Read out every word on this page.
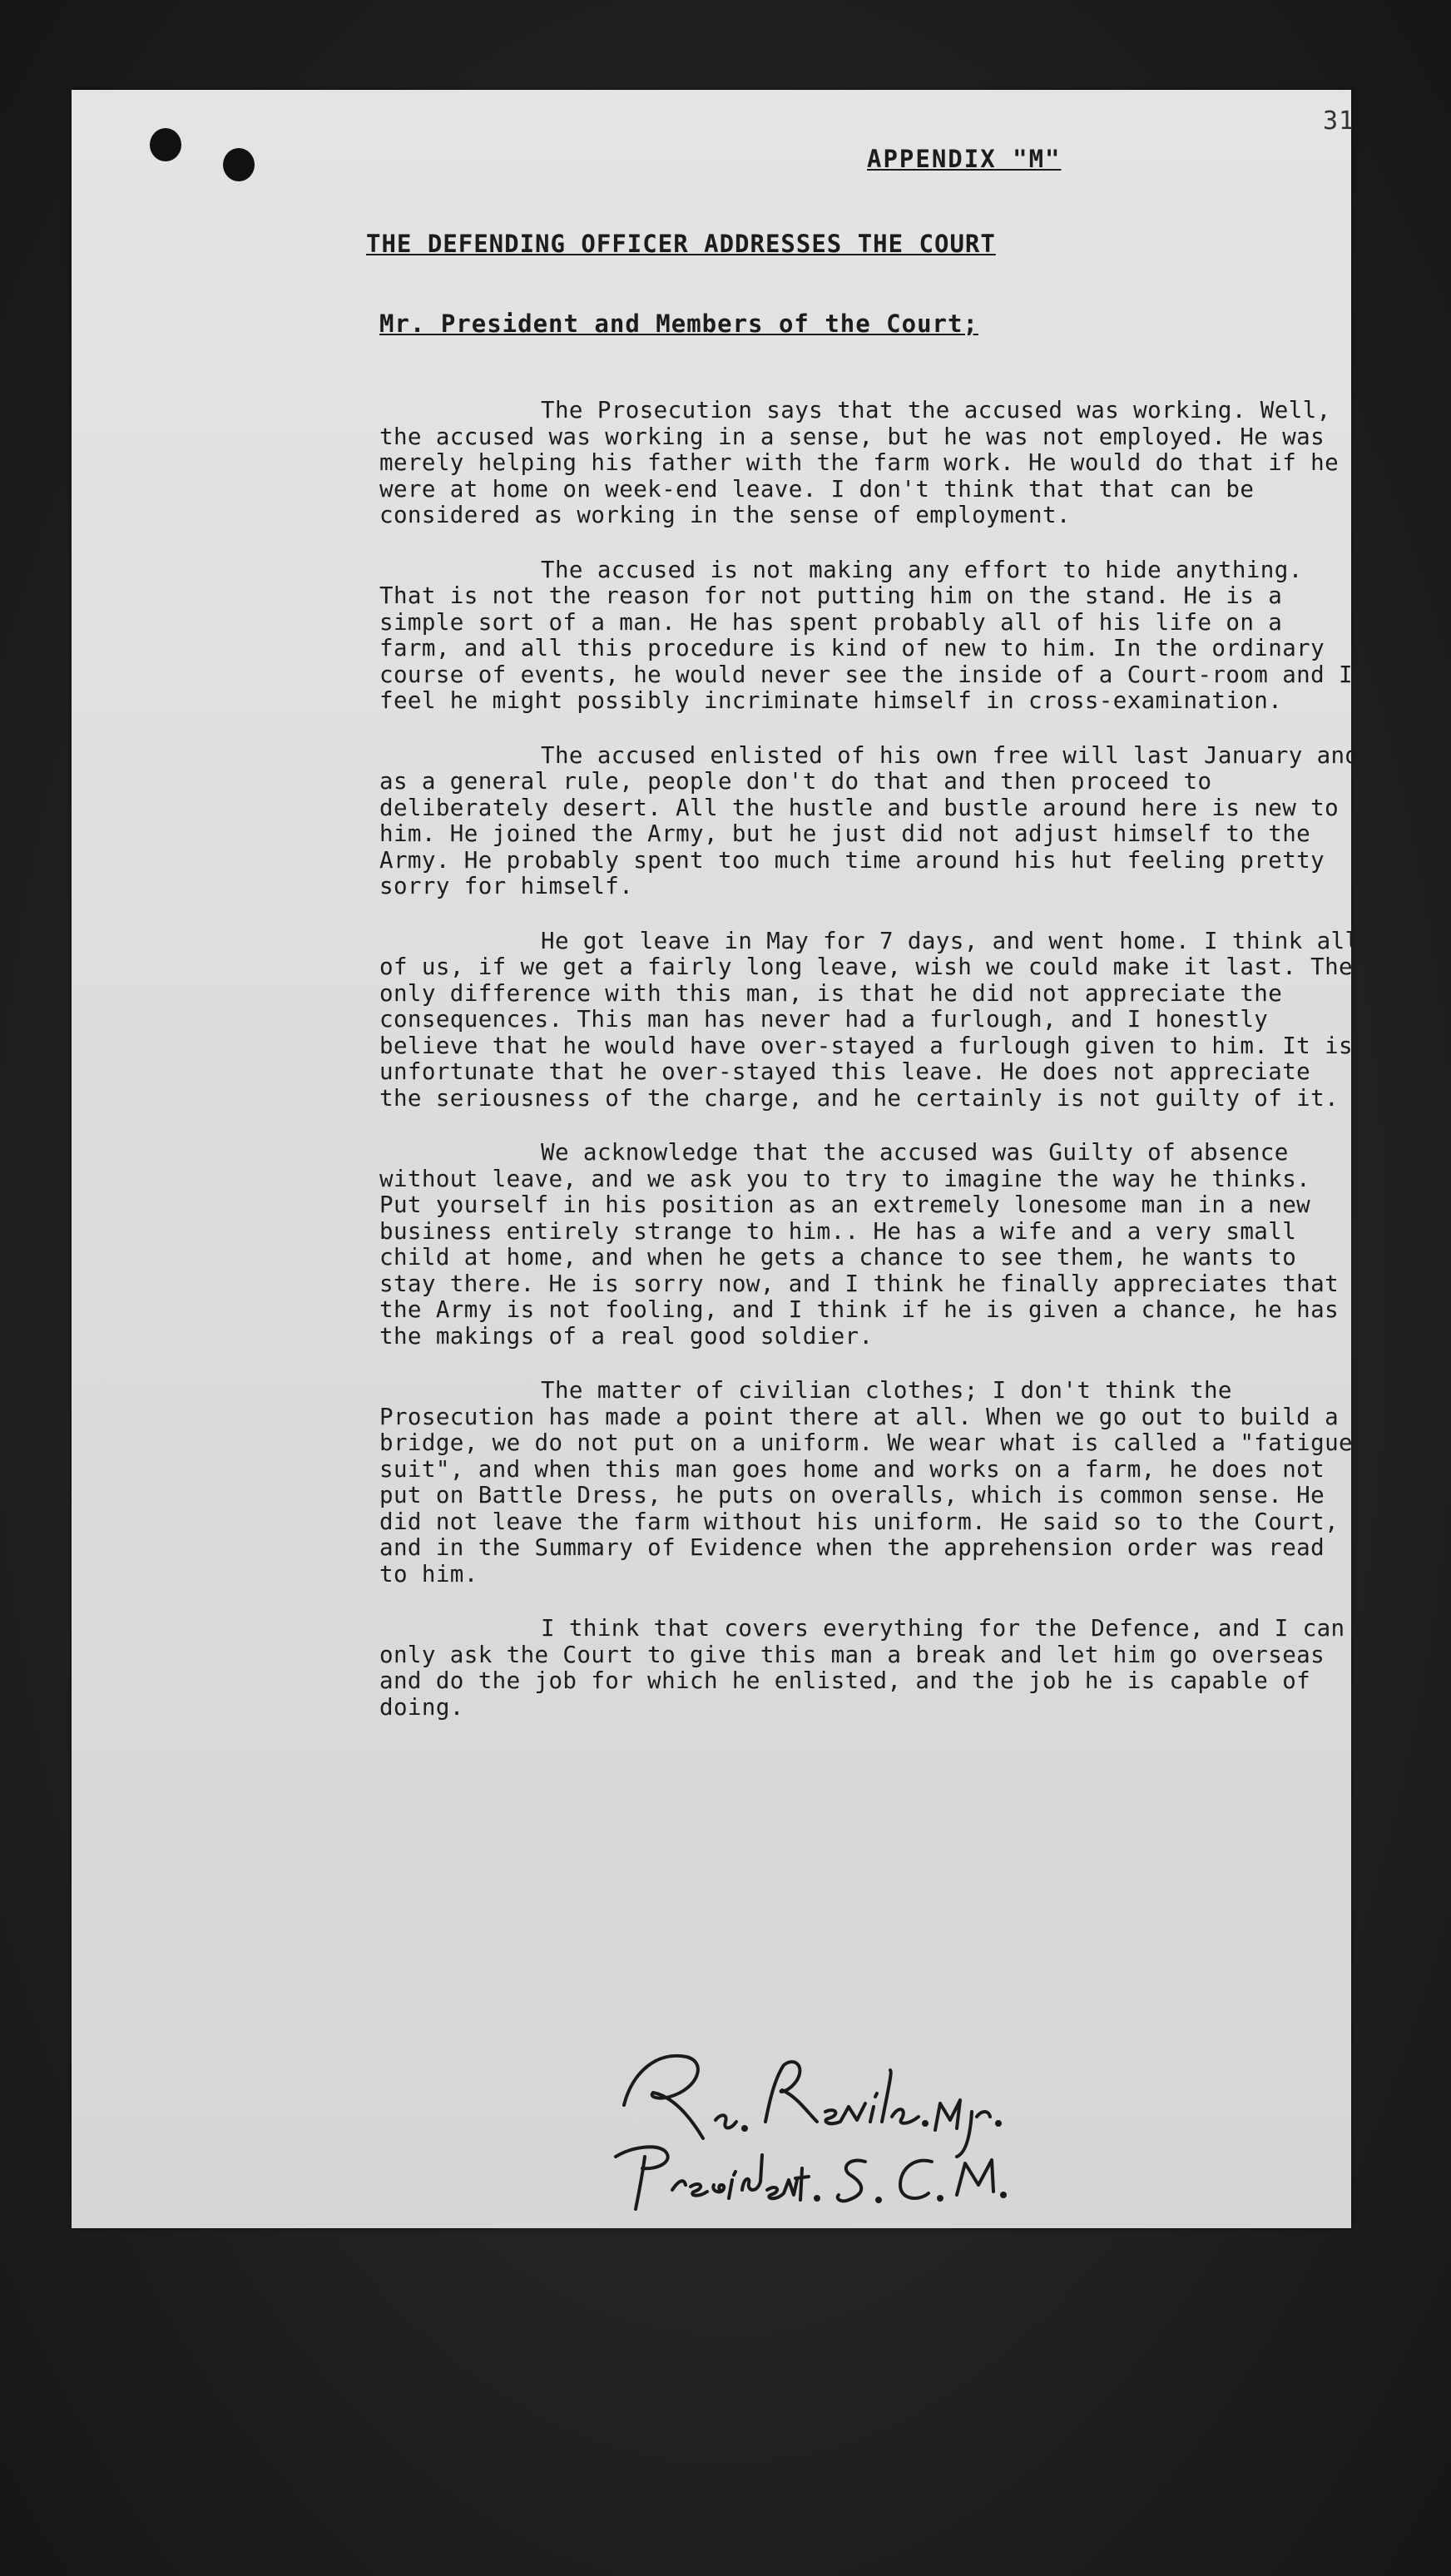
31
APPENDIX "M"
THE DEFENDING OFFICER ADDRESSES THE COURT
Mr. President and Members of the Court;

The Prosecution says that the accused was working. Well, the accused was working in a sense, but he was not employed. He was merely helping his father with the farm work. He would do that if he were at home on week-end leave. I don't think that that can be considered as working in the sense of employment.

The accused is not making any effort to hide anything. That is not the reason for not putting him on the stand. He is a simple sort of a man. He has spent probably all of his life on a farm, and all this procedure is kind of new to him. In the ordinary course of events, he would never see the inside of a Court-room and I feel he might possibly incriminate himself in cross-examination.

The accused enlisted of his own free will last January and as a general rule, people don't do that and then proceed to deliberately desert. All the hustle and bustle around here is new to him. He joined the Army, but he just did not adjust himself to the Army. He probably spent too much time around his hut feeling pretty sorry for himself.

He got leave in May for 7 days, and went home. I think all of us, if we get a fairly long leave, wish we could make it last. The only difference with this man, is that he did not appreciate the consequences. This man has never had a furlough, and I honestly believe that he would have over-stayed a furlough given to him. It is unfortunate that he over-stayed this leave. He does not appreciate the seriousness of the charge, and he certainly is not guilty of it.

We acknowledge that the accused was Guilty of absence without leave, and we ask you to try to imagine the way he thinks. Put yourself in his position as an extremely lonesome man in a new business entirely strange to him.. He has a wife and a very small child at home, and when he gets a chance to see them, he wants to stay there. He is sorry now, and I think he finally appreciates that the Army is not fooling, and I think if he is given a chance, he has the makings of a real good soldier.

The matter of civilian clothes; I don't think the Prosecution has made a point there at all. When we go out to build a bridge, we do not put on a uniform. We wear what is called a "fatigue suit", and when this man goes home and works on a farm, he does not put on Battle Dress, he puts on overalls, which is common sense. He did not leave the farm without his uniform. He said so to the Court, and in the Summary of Evidence when the apprehension order was read to him.

I think that covers everything for the Defence, and I can only ask the Court to give this man a break and let him go overseas and do the job for which he enlisted, and the job he is capable of doing.
